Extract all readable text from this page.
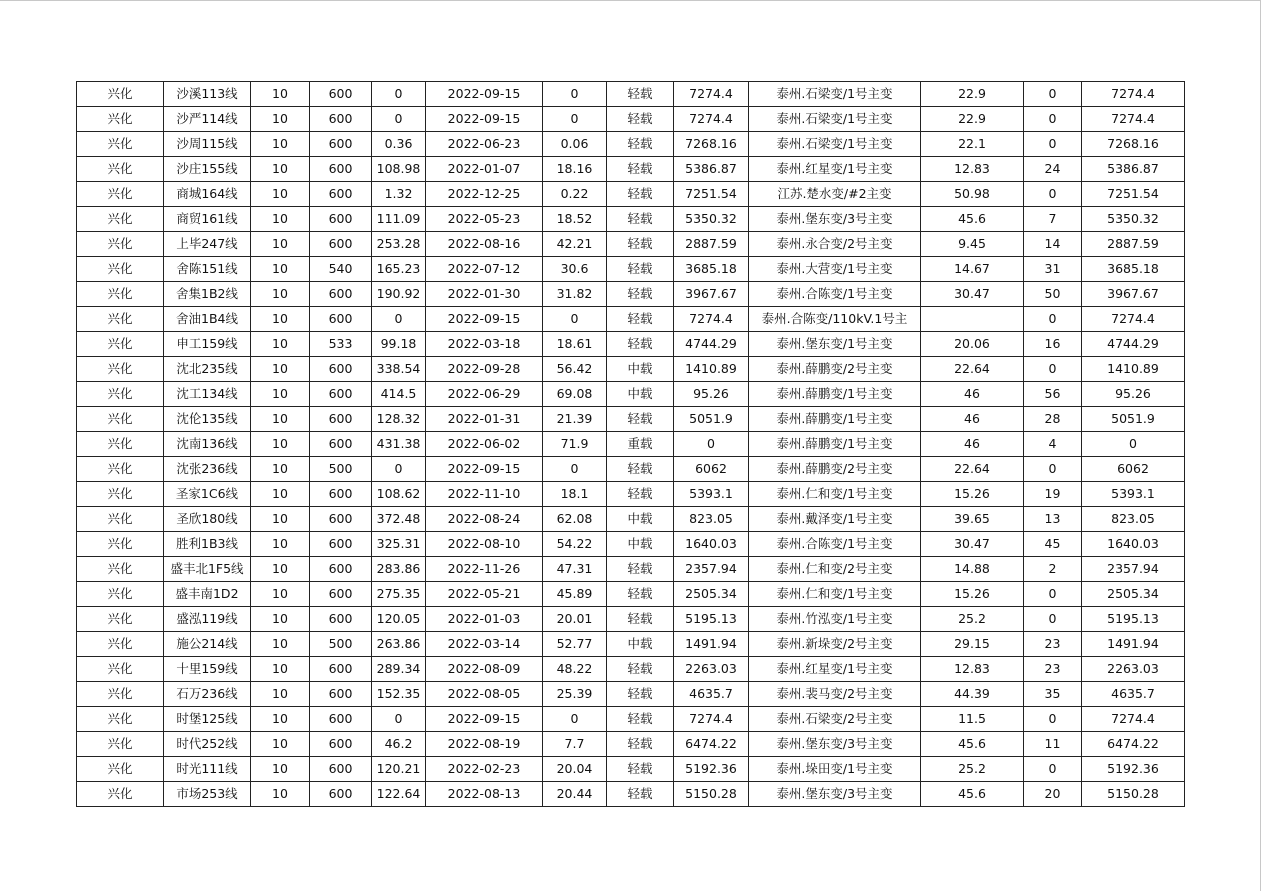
兴化	沙溪113线	10	600	0	2022-09-15	0	轻载	7274.4	泰州.石梁变/1号主变	22.9	0	7274.4
兴化	沙严114线	10	600	0	2022-09-15	0	轻载	7274.4	泰州.石梁变/1号主变	22.9	0	7274.4
兴化	沙周115线	10	600	0.36	2022-06-23	0.06	轻载	7268.16	泰州.石梁变/1号主变	22.1	0	7268.16
兴化	沙庄155线	10	600	108.98	2022-01-07	18.16	轻载	5386.87	泰州.红星变/1号主变	12.83	24	5386.87
兴化	商城164线	10	600	1.32	2022-12-25	0.22	轻载	7251.54	江苏.楚水变/#2主变	50.98	0	7251.54
兴化	商贸161线	10	600	111.09	2022-05-23	18.52	轻载	5350.32	泰州.堡东变/3号主变	45.6	7	5350.32
兴化	上毕247线	10	600	253.28	2022-08-16	42.21	轻载	2887.59	泰州.永合变/2号主变	9.45	14	2887.59
兴化	舍陈151线	10	540	165.23	2022-07-12	30.6	轻载	3685.18	泰州.大营变/1号主变	14.67	31	3685.18
兴化	舍集1B2线	10	600	190.92	2022-01-30	31.82	轻载	3967.67	泰州.合陈变/1号主变	30.47	50	3967.67
兴化	舍油1B4线	10	600	0	2022-09-15	0	轻载	7274.4	泰州.合陈变/110kV.1号主		0	7274.4
兴化	申工159线	10	533	99.18	2022-03-18	18.61	轻载	4744.29	泰州.堡东变/1号主变	20.06	16	4744.29
兴化	沈北235线	10	600	338.54	2022-09-28	56.42	中载	1410.89	泰州.薛鹏变/2号主变	22.64	0	1410.89
兴化	沈工134线	10	600	414.5	2022-06-29	69.08	中载	95.26	泰州.薛鹏变/1号主变	46	56	95.26
兴化	沈伦135线	10	600	128.32	2022-01-31	21.39	轻载	5051.9	泰州.薛鹏变/1号主变	46	28	5051.9
兴化	沈南136线	10	600	431.38	2022-06-02	71.9	重载	0	泰州.薛鹏变/1号主变	46	4	0
兴化	沈张236线	10	500	0	2022-09-15	0	轻载	6062	泰州.薛鹏变/2号主变	22.64	0	6062
兴化	圣家1C6线	10	600	108.62	2022-11-10	18.1	轻载	5393.1	泰州.仁和变/1号主变	15.26	19	5393.1
兴化	圣欣180线	10	600	372.48	2022-08-24	62.08	中载	823.05	泰州.戴泽变/1号主变	39.65	13	823.05
兴化	胜利1B3线	10	600	325.31	2022-08-10	54.22	中载	1640.03	泰州.合陈变/1号主变	30.47	45	1640.03
兴化	盛丰北1F5线	10	600	283.86	2022-11-26	47.31	轻载	2357.94	泰州.仁和变/2号主变	14.88	2	2357.94
兴化	盛丰南1D2	10	600	275.35	2022-05-21	45.89	轻载	2505.34	泰州.仁和变/1号主变	15.26	0	2505.34
兴化	盛泓119线	10	600	120.05	2022-01-03	20.01	轻载	5195.13	泰州.竹泓变/1号主变	25.2	0	5195.13
兴化	施公214线	10	500	263.86	2022-03-14	52.77	中载	1491.94	泰州.新垛变/2号主变	29.15	23	1491.94
兴化	十里159线	10	600	289.34	2022-08-09	48.22	轻载	2263.03	泰州.红星变/1号主变	12.83	23	2263.03
兴化	石万236线	10	600	152.35	2022-08-05	25.39	轻载	4635.7	泰州.裴马变/2号主变	44.39	35	4635.7
兴化	时堡125线	10	600	0	2022-09-15	0	轻载	7274.4	泰州.石梁变/2号主变	11.5	0	7274.4
兴化	时代252线	10	600	46.2	2022-08-19	7.7	轻载	6474.22	泰州.堡东变/3号主变	45.6	11	6474.22
兴化	时光111线	10	600	120.21	2022-02-23	20.04	轻载	5192.36	泰州.垛田变/1号主变	25.2	0	5192.36
兴化	市场253线	10	600	122.64	2022-08-13	20.44	轻载	5150.28	泰州.堡东变/3号主变	45.6	20	5150.28
